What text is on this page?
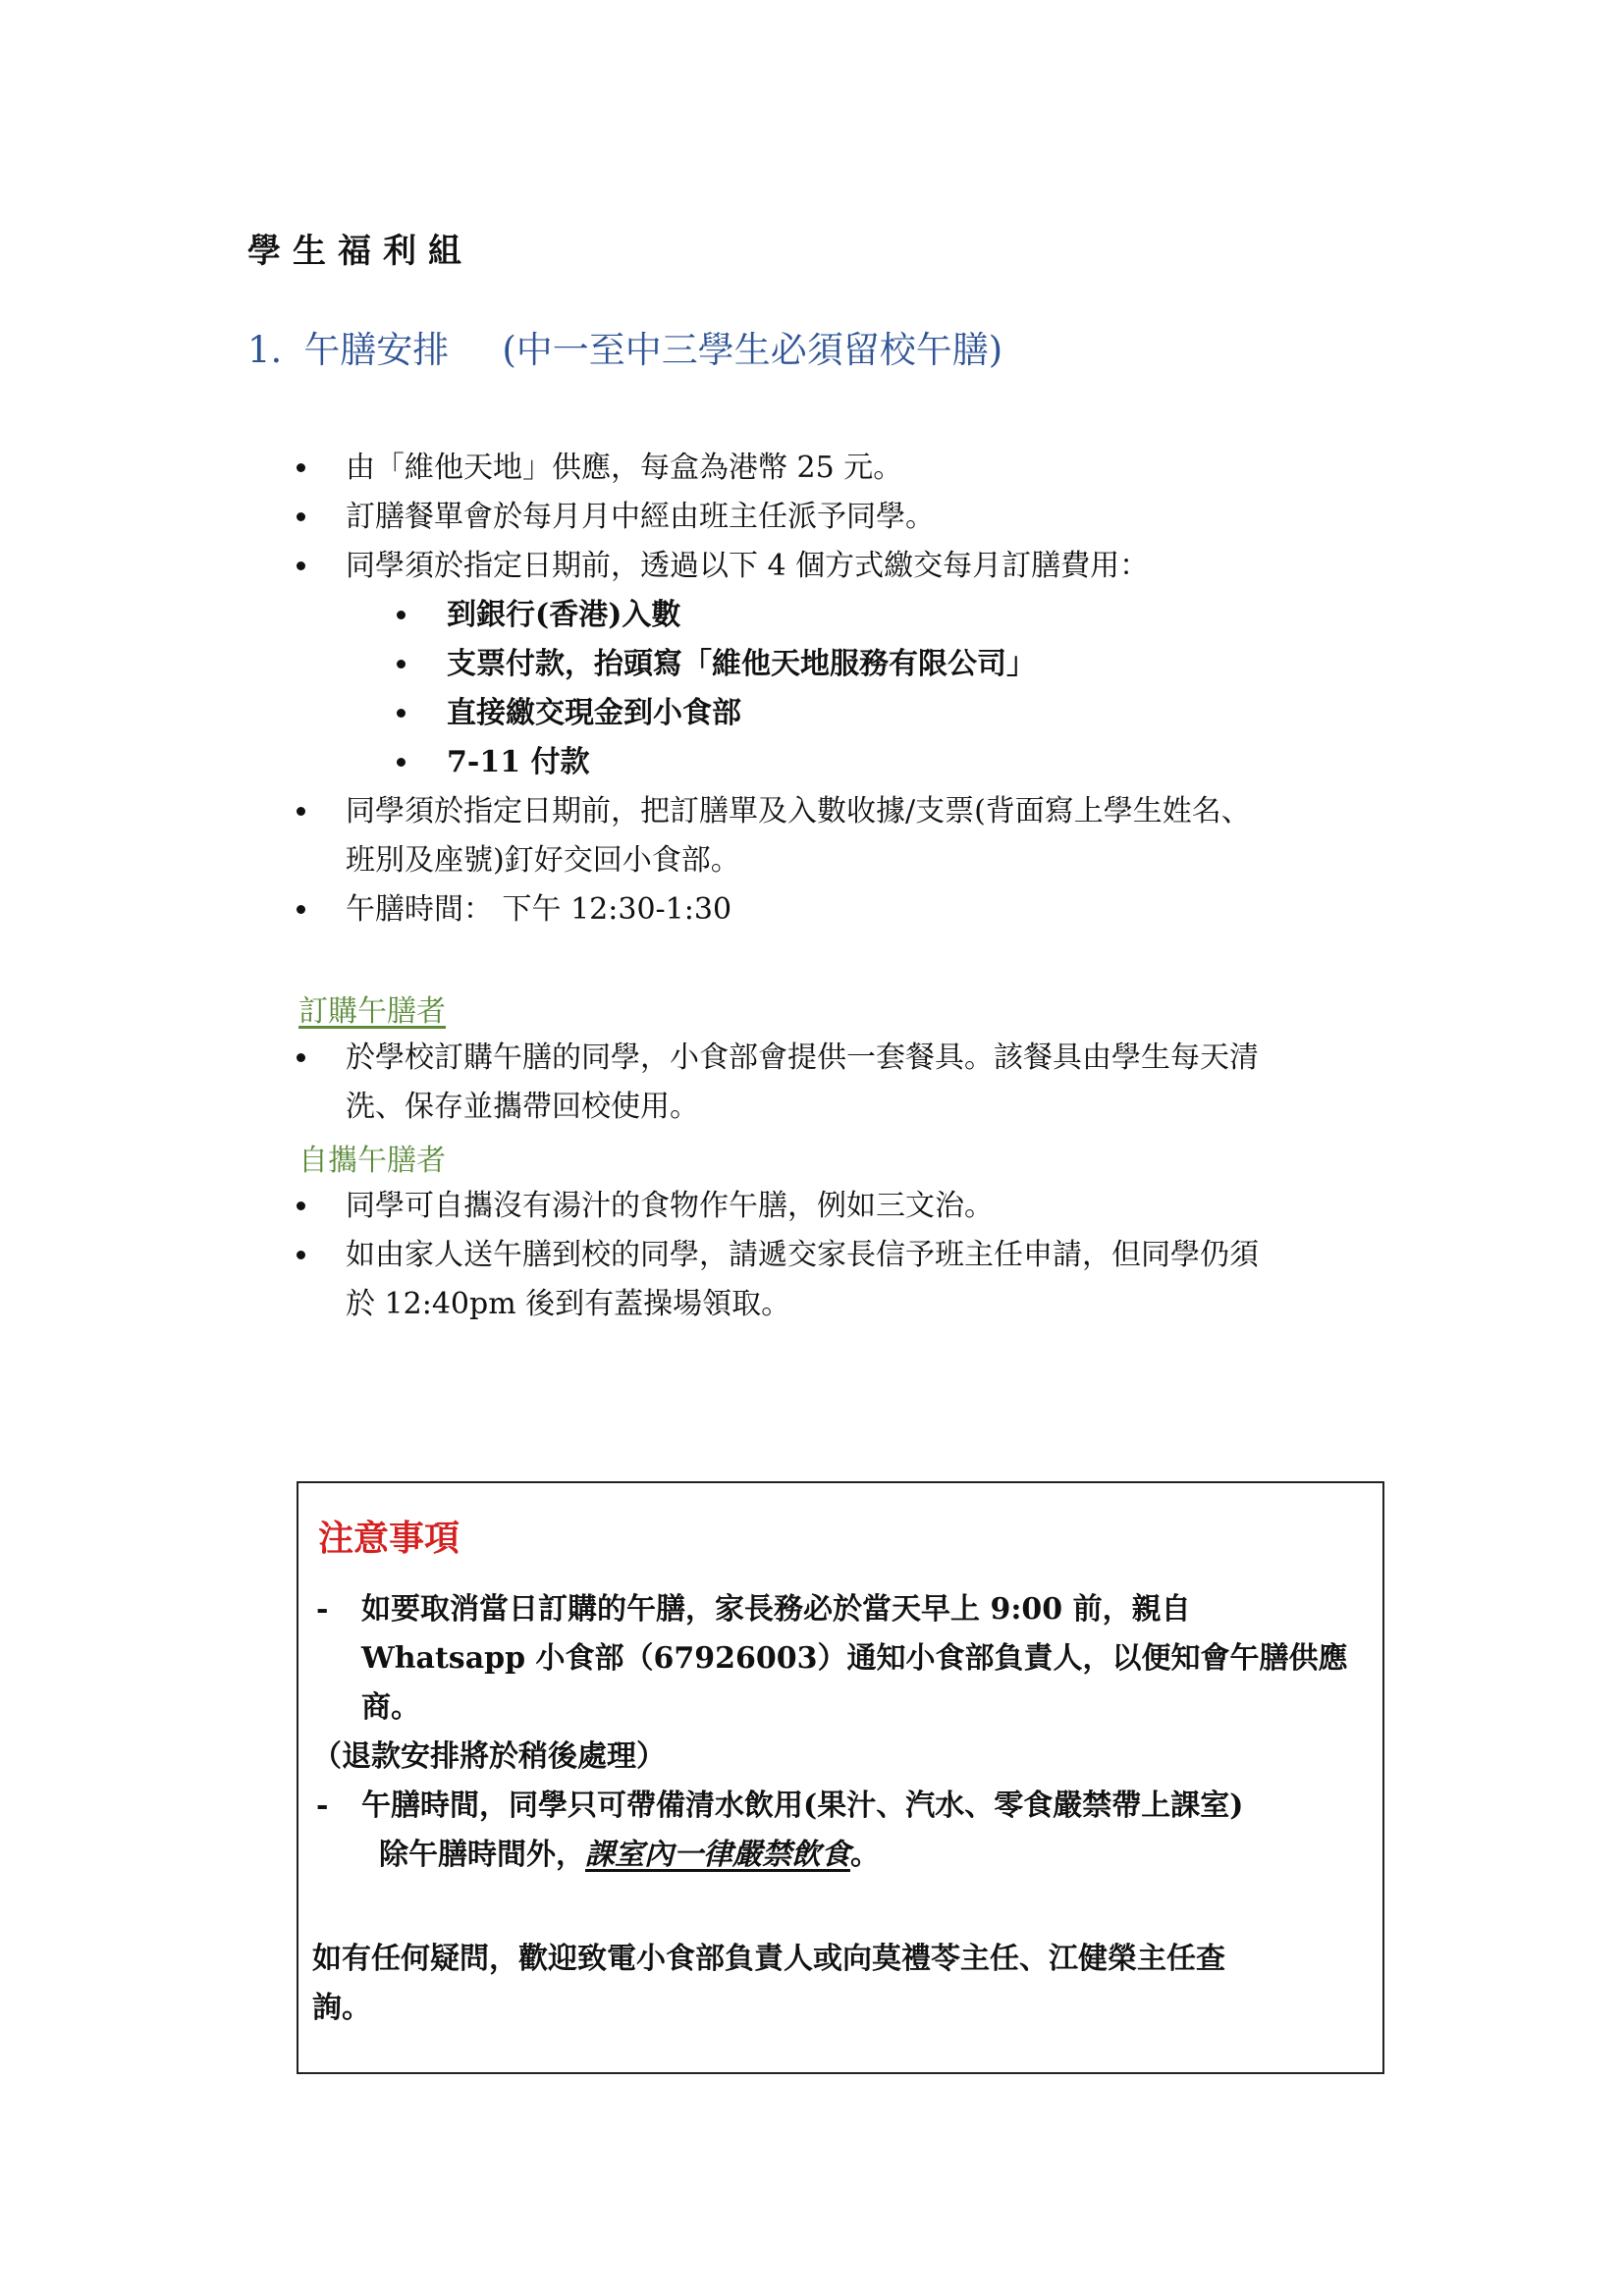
學生福利組
1. 午膳安排 (中一至中三學生必須留校午膳)
由「維他天地」供應，每盒為港幣 25 元。
訂膳餐單會於每月月中經由班主任派予同學。
同學須於指定日期前，透過以下 4 個方式繳交每月訂膳費用：
到銀行(香港)入數
支票付款，抬頭寫「維他天地服務有限公司」
直接繳交現金到小食部
7-11 付款
同學須於指定日期前，把訂膳單及入數收據/支票(背面寫上學生姓名、
班別及座號)釘好交回小食部。
午膳時間： 下午 12:30-1:30
訂購午膳者
於學校訂購午膳的同學，小食部會提供一套餐具。該餐具由學生每天清
洗、保存並攜帶回校使用。
自攜午膳者
同學可自攜沒有湯汁的食物作午膳，例如三文治。
如由家人送午膳到校的同學，請遞交家長信予班主任申請，但同學仍須
於 12:40pm 後到有蓋操場領取。
注意事項
- 如要取消當日訂購的午膳，家長務必於當天早上 9:00 前，親自
Whatsapp 小食部（67926003）通知小食部負責人，以便知會午膳供應
商。
（退款安排將於稍後處理）
- 午膳時間，同學只可帶備清水飲用(果汁、汽水、零食嚴禁帶上課室)
除午膳時間外，課室內一律嚴禁飲食。
如有任何疑問，歡迎致電小食部負責人或向莫禮苓主任、江健榮主任查
詢。
